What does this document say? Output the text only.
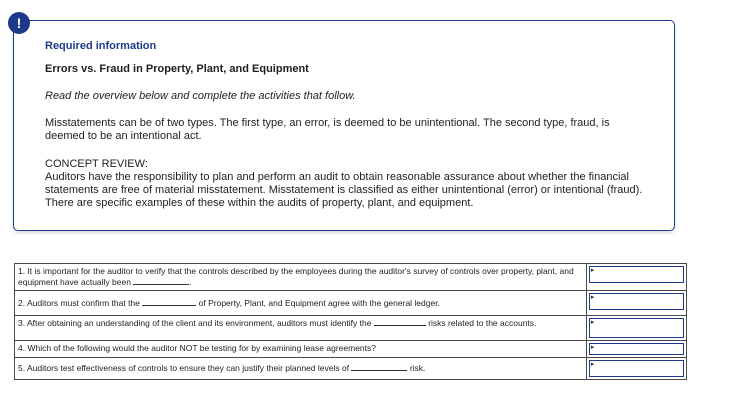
!

Required information

Errors vs. Fraud in Property, Plant, and Equipment

Read the overview below and complete the activities that follow.

Misstatements can be of two types. The first type, an error, is deemed to be unintentional. The second type, fraud, is deemed to be an intentional act.

CONCEPT REVIEW:
Auditors have the responsibility to plan and perform an audit to obtain reasonable assurance about whether the financial statements are free of material misstatement. Misstatement is classified as either unintentional (error) or intentional (fraud). There are specific examples of these within the audits of property, plant, and equipment.
1. It is important for the auditor to verify that the controls described by the employees during the auditor's survey of controls over property, plant, and equipment have actually been .	▸

2. Auditors must confirm that the of Property, Plant, and Equipment agree with the general ledger.	▸

3. After obtaining an understanding of the client and its environment, auditors must identify the risks related to the accounts.	▸

4. Which of the following would the auditor NOT be testing for by examining lease agreements?	▸

5. Auditors test effectiveness of controls to ensure they can justify their planned levels of risk.	▸
